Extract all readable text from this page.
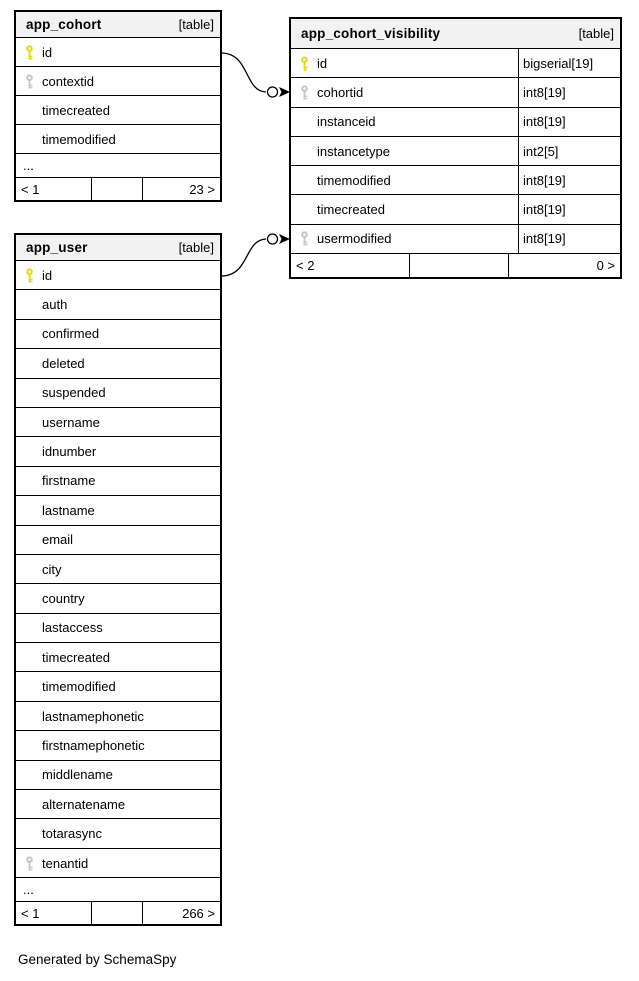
app_cohort	[table]
id
contextid
timecreated
timemodified
...
< 1	23 >
app_cohort_visibility	[table]
id	bigserial[19]
cohortid	int8[19]
instanceid	int8[19]
instancetype	int2[5]
timemodified	int8[19]
timecreated	int8[19]
usermodified	int8[19]
< 2	0 >
app_user	[table]
id
auth
confirmed
deleted
suspended
username
idnumber
firstname
lastname
email
city
country
lastaccess
timecreated
timemodified
lastnamephonetic
firstnamephonetic
middlename
alternatename
totarasync
tenantid
...
< 1	266 >
Generated by SchemaSpy
